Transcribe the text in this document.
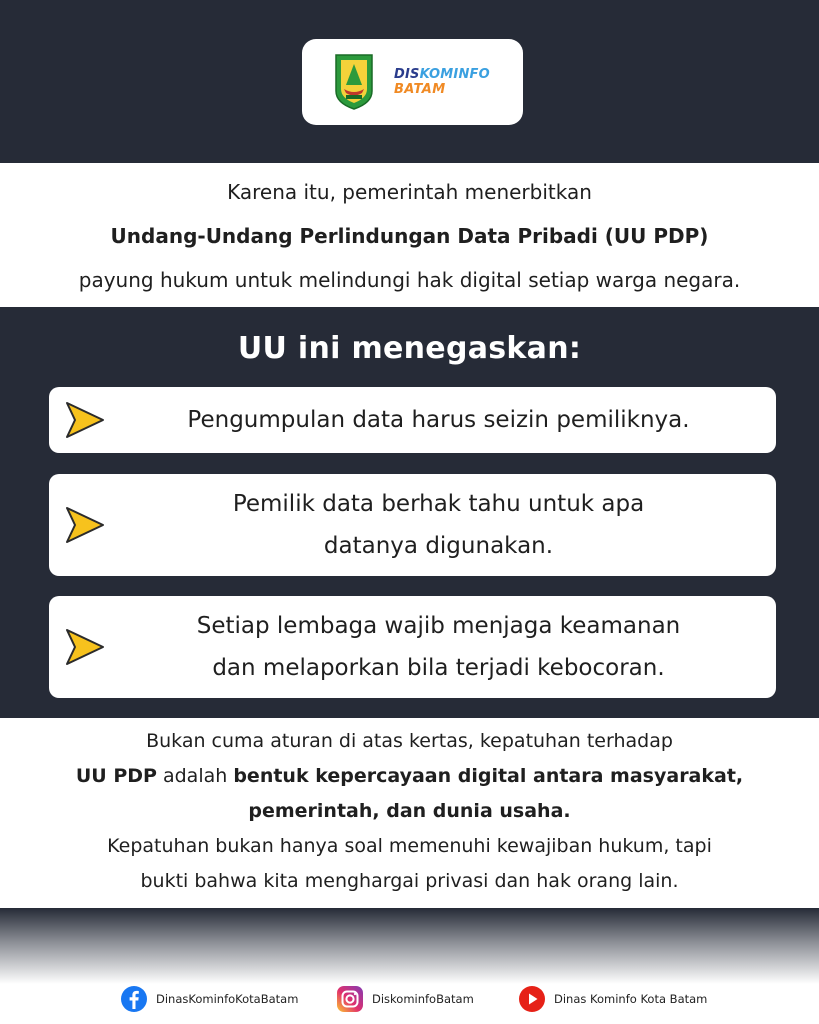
DISKOMINFO
BATAM
Karena itu, pemerintah menerbitkan
Undang-Undang Perlindungan Data Pribadi (UU PDP)
payung hukum untuk melindungi hak digital setiap warga negara.
UU ini menegaskan:
Pengumpulan data harus seizin pemiliknya.
Pemilik data berhak tahu untuk apa
datanya digunakan.
Setiap lembaga wajib menjaga keamanan
dan melaporkan bila terjadi kebocoran.
Bukan cuma aturan di atas kertas, kepatuhan terhadap
UU PDP adalah bentuk kepercayaan digital antara masyarakat,
pemerintah, dan dunia usaha.
Kepatuhan bukan hanya soal memenuhi kewajiban hukum, tapi
bukti bahwa kita menghargai privasi dan hak orang lain.
DinasKominfoKotaBatam	DiskominfoBatam	Dinas Kominfo Kota Batam
